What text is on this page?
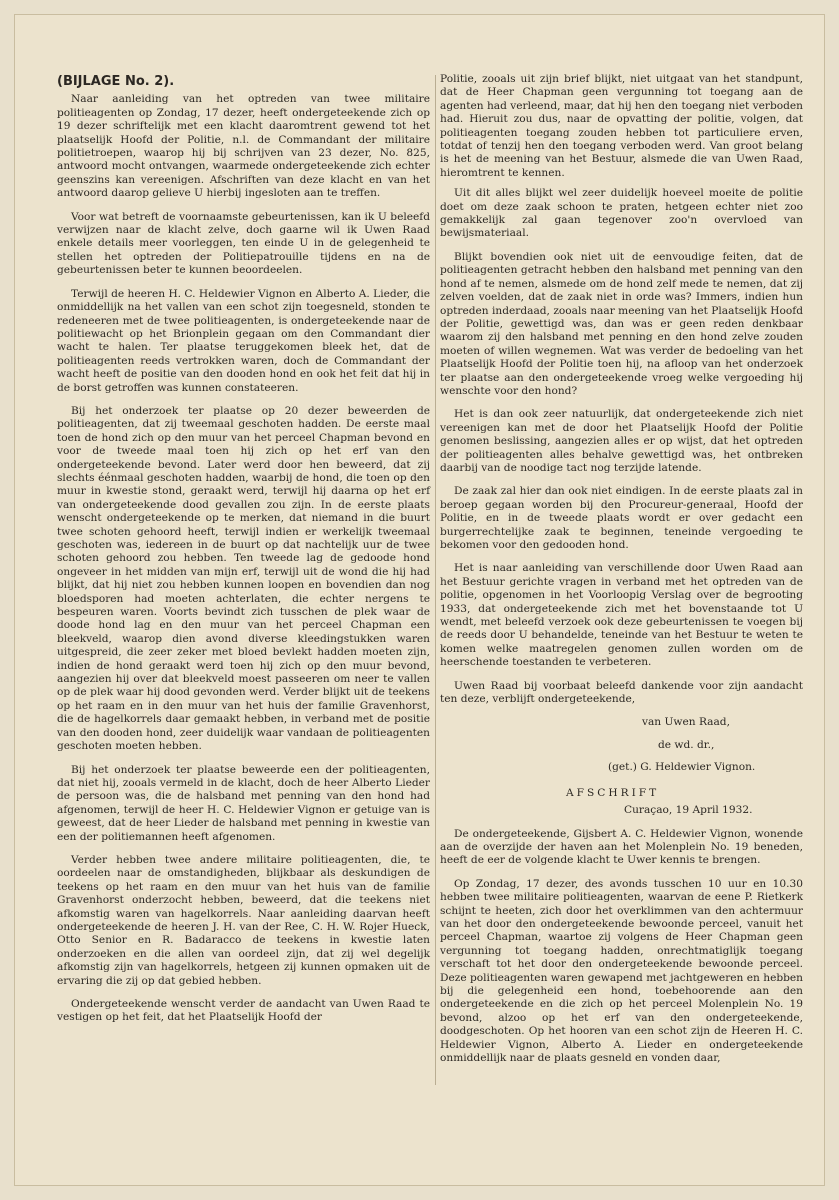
(BIJLAGE No. 2).

Naar aanleiding van het optreden van twee militaire politieagenten op Zondag, 17 dezer, heeft ondergeteekende zich op 19 dezer schriftelijk met een klacht daaromtrent gewend tot het plaatselijk Hoofd der Politie, n.l. de Commandant der militaire politietroepen, waarop hij bij schrijven van 23 dezer, No. 825, antwoord mocht ontvangen, waarmede ondergeteekende zich echter geenszins kan vereenigen. Afschriften van deze klacht en van het antwoord daarop gelieve U hierbij ingesloten aan te treffen.

Voor wat betreft de voornaamste gebeurtenissen, kan ik U beleefd verwijzen naar de klacht zelve, doch gaarne wil ik Uwen Raad enkele details meer voorleggen, ten einde U in de gelegenheid te stellen het optreden der Politiepatrouille tijdens en na de gebeurtenissen beter te kunnen beoordeelen.

Terwijl de heeren H. C. Heldewier Vignon en Alberto A. Lieder, die onmiddellijk na het vallen van een schot zijn toegesneld, stonden te redeneeren met de twee politieagenten, is ondergeteekende naar de politiewacht op het Brionplein gegaan om den Commandant dier wacht te halen. Ter plaatse teruggekomen bleek het, dat de politieagenten reeds vertrokken waren, doch de Commandant der wacht heeft de positie van den dooden hond en ook het feit dat hij in de borst getroffen was kunnen constateeren.

Bij het onderzoek ter plaatse op 20 dezer beweerden de politieagenten, dat zij tweemaal geschoten hadden. De eerste maal toen de hond zich op den muur van het perceel Chapman bevond en voor de tweede maal toen hij zich op het erf van den ondergeteekende bevond. Later werd door hen beweerd, dat zij slechts éénmaal geschoten hadden, waarbij de hond, die toen op den muur in kwestie stond, geraakt werd, terwijl hij daarna op het erf van ondergeteekende dood gevallen zou zijn. In de eerste plaats wenscht ondergeteekende op te merken, dat niemand in die buurt twee schoten gehoord heeft, terwijl indien er werkelijk tweemaal geschoten was, iedereen in de buurt op dat nachtelijk uur de twee schoten gehoord zou hebben. Ten tweede lag de gedoode hond ongeveer in het midden van mijn erf, terwijl uit de wond die hij had blijkt, dat hij niet zou hebben kunnen loopen en bovendien dan nog bloedsporen had moeten achterlaten, die echter nergens te bespeuren waren. Voorts bevindt zich tusschen de plek waar de doode hond lag en den muur van het perceel Chapman een bleekveld, waarop dien avond diverse kleedingstukken waren uitgespreid, die zeer zeker met bloed bevlekt hadden moeten zijn, indien de hond geraakt werd toen hij zich op den muur bevond, aangezien hij over dat bleekveld moest passeeren om neer te vallen op de plek waar hij dood gevonden werd. Verder blijkt uit de teekens op het raam en in den muur van het huis der familie Gravenhorst, die de hagelkorrels daar gemaakt hebben, in verband met de positie van den dooden hond, zeer duidelijk waar vandaan de politieagenten geschoten moeten hebben.

Bij het onderzoek ter plaatse beweerde een der politieagenten, dat niet hij, zooals vermeld in de klacht, doch de heer Alberto Lieder de persoon was, die de halsband met penning van den hond had afgenomen, terwijl de heer H. C. Heldewier Vignon er getuige van is geweest, dat de heer Lieder de halsband met penning in kwestie van een der politiemannen heeft afgenomen.

Verder hebben twee andere militaire politieagenten, die, te oordeelen naar de omstandigheden, blijkbaar als deskundigen de teekens op het raam en den muur van het huis van de familie Gravenhorst onderzocht hebben, beweerd, dat die teekens niet afkomstig waren van hagelkorrels. Naar aanleiding daarvan heeft ondergeteekende de heeren J. H. van der Ree, C. H. W. Rojer Hueck, Otto Senior en R. Badaracco de teekens in kwestie laten onderzoeken en die allen van oordeel zijn, dat zij wel degelijk afkomstig zijn van hagelkorrels, hetgeen zij kunnen opmaken uit de ervaring die zij op dat gebied hebben.

Ondergeteekende wenscht verder de aandacht van Uwen Raad te vestigen op het feit, dat het Plaatselijk Hoofd der

Politie, zooals uit zijn brief blijkt, niet uitgaat van het standpunt, dat de Heer Chapman geen vergunning tot toegang aan de agenten had verleend, maar, dat hij hen den toegang niet verboden had. Hieruit zou dus, naar de opvatting der politie, volgen, dat politieagenten toegang zouden hebben tot particuliere erven, totdat of tenzij hen den toegang verboden werd. Van groot belang is het de meening van het Bestuur, alsmede die van Uwen Raad, hieromtrent te kennen.

Uit dit alles blijkt wel zeer duidelijk hoeveel moeite de politie doet om deze zaak schoon te praten, hetgeen echter niet zoo gemakkelijk zal gaan tegenover zoo'n overvloed van bewijsmateriaal.

Blijkt bovendien ook niet uit de eenvoudige feiten, dat de politieagenten getracht hebben den halsband met penning van den hond af te nemen, alsmede om de hond zelf mede te nemen, dat zij zelven voelden, dat de zaak niet in orde was? Immers, indien hun optreden inderdaad, zooals naar meening van het Plaatselijk Hoofd der Politie, gewettigd was, dan was er geen reden denkbaar waarom zij den halsband met penning en den hond zelve zouden moeten of willen wegnemen. Wat was verder de bedoeling van het Plaatselijk Hoofd der Politie toen hij, na afloop van het onderzoek ter plaatse aan den ondergeteekende vroeg welke vergoeding hij wenschte voor den hond?

Het is dan ook zeer natuurlijk, dat ondergeteekende zich niet vereenigen kan met de door het Plaatselijk Hoofd der Politie genomen beslissing, aangezien alles er op wijst, dat het optreden der politieagenten alles behalve gewettigd was, het ontbreken daarbij van de noodige tact nog terzijde latende.

De zaak zal hier dan ook niet eindigen. In de eerste plaats zal in beroep gegaan worden bij den Procureur-generaal, Hoofd der Politie, en in de tweede plaats wordt er over gedacht een burgerrechtelijke zaak te beginnen, teneinde vergoeding te bekomen voor den gedooden hond.

Het is naar aanleiding van verschillende door Uwen Raad aan het Bestuur gerichte vragen in verband met het optreden van de politie, opgenomen in het Voorloopig Verslag over de begrooting 1933, dat ondergeteekende zich met het bovenstaande tot U wendt, met beleefd verzoek ook deze gebeurtenissen te voegen bij de reeds door U behandelde, teneinde van het Bestuur te weten te komen welke maatregelen genomen zullen worden om de heerschende toestanden te verbeteren.

Uwen Raad bij voorbaat beleefd dankende voor zijn aandacht ten deze, verblijft ondergeteekende,

van Uwen Raad,
de wd. dr.,
(get.) G. Heldewier Vignon.
AFSCHRIFT
Curaçao, 19 April 1932.

De ondergeteekende, Gijsbert A. C. Heldewier Vignon, wonende aan de overzijde der haven aan het Molenplein No. 19 beneden, heeft de eer de volgende klacht te Uwer kennis te brengen.

Op Zondag, 17 dezer, des avonds tusschen 10 uur en 10.30 hebben twee militaire politieagenten, waarvan de eene P. Rietkerk schijnt te heeten, zich door het overklimmen van den achtermuur van het door den ondergeteekende bewoonde perceel, vanuit het perceel Chapman, waartoe zij volgens de Heer Chapman geen vergunning tot toegang hadden, onrechtmatiglijk toegang verschaft tot het door den ondergeteekende bewoonde perceel. Deze politieagenten waren gewapend met jachtgeweren en hebben bij die gelegenheid een hond, toebehoorende aan den ondergeteekende en die zich op het perceel Molenplein No. 19 bevond, alzoo op het erf van den ondergeteekende, doodgeschoten. Op het hooren van een schot zijn de Heeren H. C. Heldewier Vignon, Alberto A. Lieder en ondergeteekende onmiddellijk naar de plaats gesneld en vonden daar,
